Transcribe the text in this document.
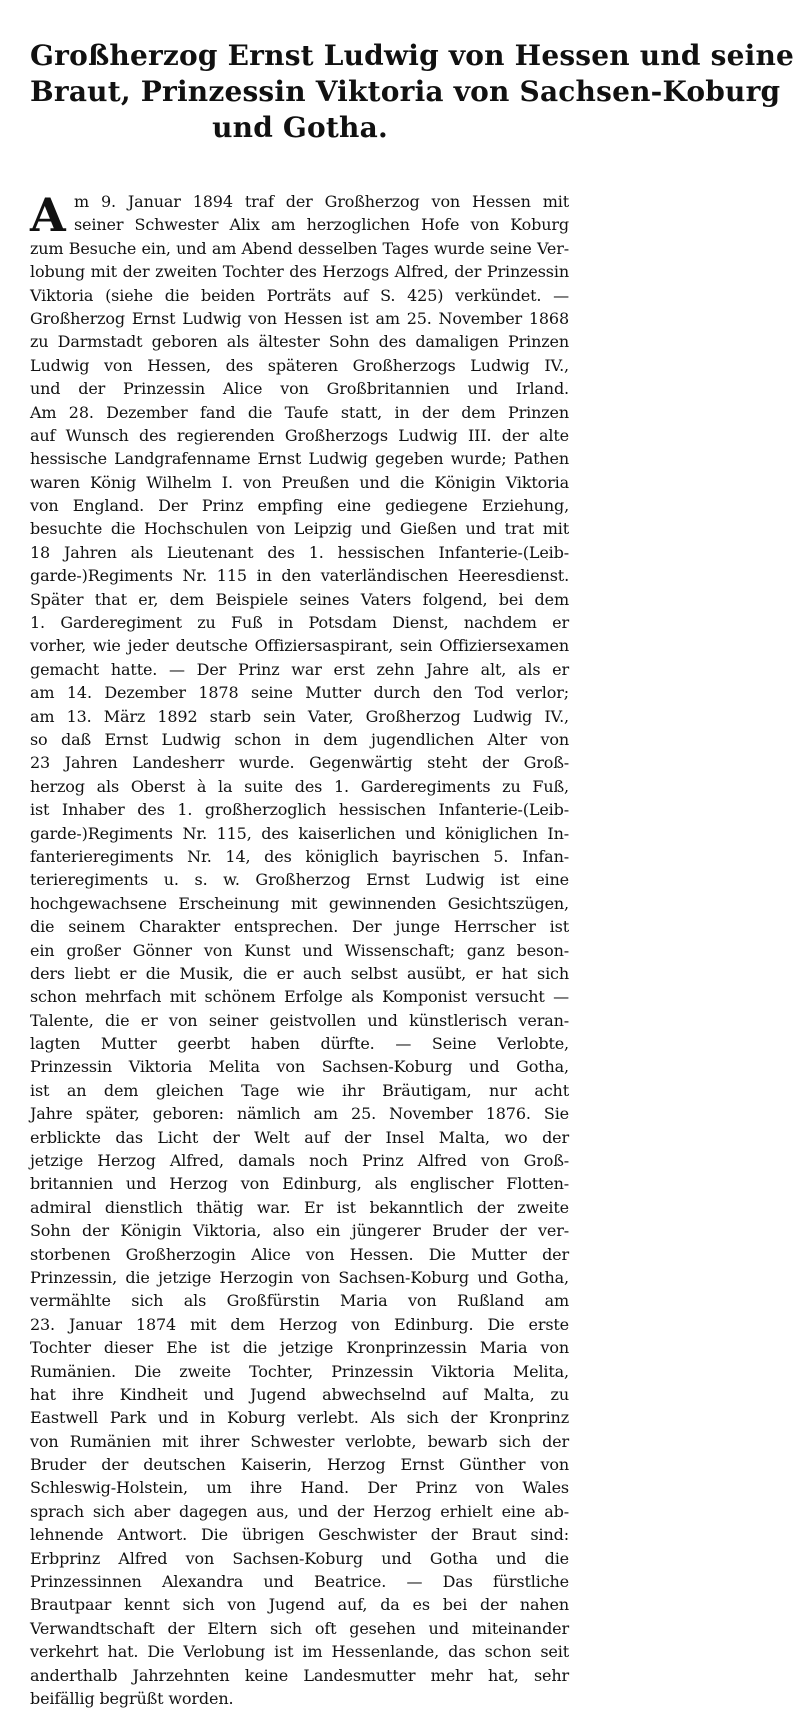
Großherzog Ernst Ludwig von Hessen und seine
Braut, Prinzessin Viktoria von Sachsen-Koburg
und Gotha.
A m 9. Januar 1894 traf der Großherzog von Hessen mit
seiner Schwester Alix am herzoglichen Hofe von Koburg
zum Besuche ein, und am Abend desselben Tages wurde seine Ver-
lobung mit der zweiten Tochter des Herzogs Alfred, der Prinzessin
Viktoria (siehe die beiden Porträts auf S. 425) verkündet. —
Großherzog Ernst Ludwig von Hessen ist am 25. November 1868
zu Darmstadt geboren als ältester Sohn des damaligen Prinzen
Ludwig von Hessen, des späteren Großherzogs Ludwig IV.,
und der Prinzessin Alice von Großbritannien und Irland.
Am 28. Dezember fand die Taufe statt, in der dem Prinzen
auf Wunsch des regierenden Großherzogs Ludwig III. der alte
hessische Landgrafenname Ernst Ludwig gegeben wurde; Pathen
waren König Wilhelm I. von Preußen und die Königin Viktoria
von England. Der Prinz empfing eine gediegene Erziehung,
besuchte die Hochschulen von Leipzig und Gießen und trat mit
18 Jahren als Lieutenant des 1. hessischen Infanterie-(Leib-
garde-)Regiments Nr. 115 in den vaterländischen Heeresdienst.
Später that er, dem Beispiele seines Vaters folgend, bei dem
1. Garderegiment zu Fuß in Potsdam Dienst, nachdem er
vorher, wie jeder deutsche Offiziersaspirant, sein Offiziersexamen
gemacht hatte. — Der Prinz war erst zehn Jahre alt, als er
am 14. Dezember 1878 seine Mutter durch den Tod verlor;
am 13. März 1892 starb sein Vater, Großherzog Ludwig IV.,
so daß Ernst Ludwig schon in dem jugendlichen Alter von
23 Jahren Landesherr wurde. Gegenwärtig steht der Groß-
herzog als Oberst à la suite des 1. Garderegiments zu Fuß,
ist Inhaber des 1. großherzoglich hessischen Infanterie-(Leib-
garde-)Regiments Nr. 115, des kaiserlichen und königlichen In-
fanterieregiments Nr. 14, des königlich bayrischen 5. Infan-
terieregiments u. s. w. Großherzog Ernst Ludwig ist eine
hochgewachsene Erscheinung mit gewinnenden Gesichtszügen,
die seinem Charakter entsprechen. Der junge Herrscher ist
ein großer Gönner von Kunst und Wissenschaft; ganz beson-
ders liebt er die Musik, die er auch selbst ausübt, er hat sich
schon mehrfach mit schönem Erfolge als Komponist versucht —
Talente, die er von seiner geistvollen und künstlerisch veran-
lagten Mutter geerbt haben dürfte. — Seine Verlobte,
Prinzessin Viktoria Melita von Sachsen-Koburg und Gotha,
ist an dem gleichen Tage wie ihr Bräutigam, nur acht
Jahre später, geboren: nämlich am 25. November 1876. Sie
erblickte das Licht der Welt auf der Insel Malta, wo der
jetzige Herzog Alfred, damals noch Prinz Alfred von Groß-
britannien und Herzog von Edinburg, als englischer Flotten-
admiral dienstlich thätig war. Er ist bekanntlich der zweite
Sohn der Königin Viktoria, also ein jüngerer Bruder der ver-
storbenen Großherzogin Alice von Hessen. Die Mutter der
Prinzessin, die jetzige Herzogin von Sachsen-Koburg und Gotha,
vermählte sich als Großfürstin Maria von Rußland am
23. Januar 1874 mit dem Herzog von Edinburg. Die erste
Tochter dieser Ehe ist die jetzige Kronprinzessin Maria von
Rumänien. Die zweite Tochter, Prinzessin Viktoria Melita,
hat ihre Kindheit und Jugend abwechselnd auf Malta, zu
Eastwell Park und in Koburg verlebt. Als sich der Kronprinz
von Rumänien mit ihrer Schwester verlobte, bewarb sich der
Bruder der deutschen Kaiserin, Herzog Ernst Günther von
Schleswig-Holstein, um ihre Hand. Der Prinz von Wales
sprach sich aber dagegen aus, und der Herzog erhielt eine ab-
lehnende Antwort. Die übrigen Geschwister der Braut sind:
Erbprinz Alfred von Sachsen-Koburg und Gotha und die
Prinzessinnen Alexandra und Beatrice. — Das fürstliche
Brautpaar kennt sich von Jugend auf, da es bei der nahen
Verwandtschaft der Eltern sich oft gesehen und miteinander
verkehrt hat. Die Verlobung ist im Hessenlande, das schon seit
anderthalb Jahrzehnten keine Landesmutter mehr hat, sehr
beifällig begrüßt worden.
